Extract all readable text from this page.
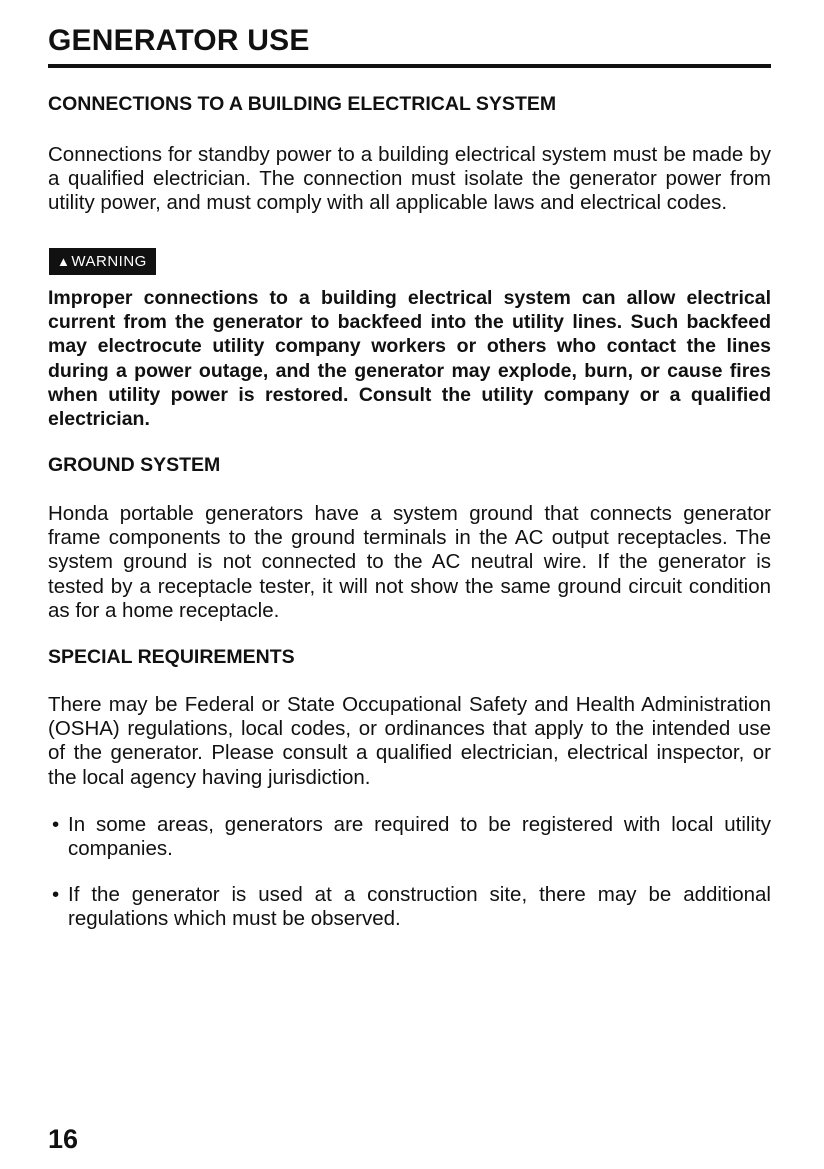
GENERATOR USE
CONNECTIONS TO A BUILDING ELECTRICAL SYSTEM

Connections for standby power to a building electrical system must be made by a qualified electrician. The connection must isolate the generator power from utility power, and must comply with all applicable laws and electrical codes.

▲WARNING

Improper connections to a building electrical system can allow electrical current from the generator to backfeed into the utility lines. Such backfeed may electrocute utility company workers or others who contact the lines during a power outage, and the generator may explode, burn, or cause fires when utility power is restored. Consult the utility company or a qualified electrician.

GROUND SYSTEM

Honda portable generators have a system ground that connects generator frame components to the ground terminals in the AC output receptacles. The system ground is not connected to the AC neutral wire. If the generator is tested by a receptacle tester, it will not show the same ground circuit condition as for a home receptacle.

SPECIAL REQUIREMENTS

There may be Federal or State Occupational Safety and Health Administration (OSHA) regulations, local codes, or ordinances that apply to the intended use of the generator. Please consult a qualified electrician, electrical inspector, or the local agency having jurisdiction.

• In some areas, generators are required to be registered with local utility companies.
• If the generator is used at a construction site, there may be additional regulations which must be observed.
16
